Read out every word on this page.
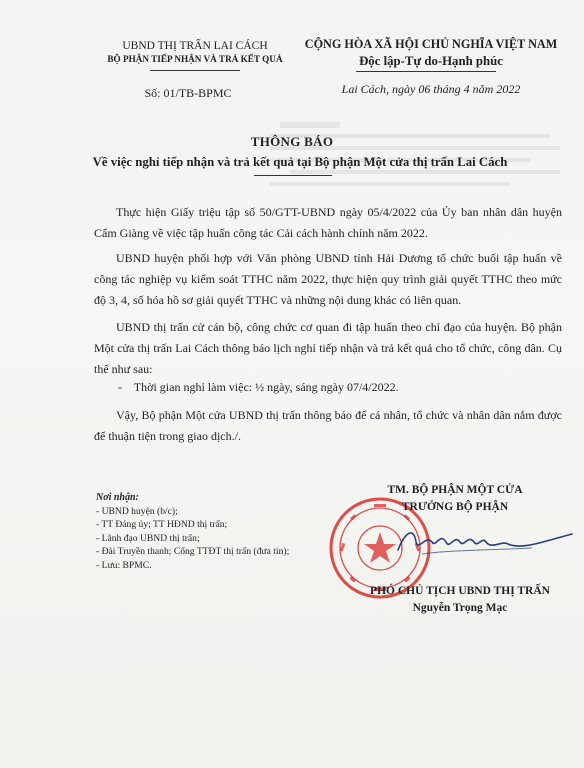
UBND THỊ TRẤN LAI CÁCH
BỘ PHẬN TIẾP NHẬN VÀ TRẢ KẾT QUẢ
Số: 01/TB-BPMC
CỘNG HÒA XÃ HỘI CHỦ NGHĨA VIỆT NAM
Độc lập-Tự do-Hạnh phúc
Lai Cách, ngày 06 tháng 4 năm 2022
THÔNG BÁO
Về việc nghỉ tiếp nhận và trả kết quả tại Bộ phận Một cửa thị trấn Lai Cách

Thực hiện Giấy triệu tập số 50/GTT-UBND ngày 05/4/2022 của Ủy ban nhân dân huyện Cẩm Giàng về việc tập huấn công tác Cải cách hành chính năm 2022.

UBND huyện phối hợp với Văn phòng UBND tỉnh Hải Dương tổ chức buổi tập huấn về công tác nghiệp vụ kiểm soát TTHC năm 2022, thực hiện quy trình giải quyết TTHC theo mức độ 3, 4, số hóa hồ sơ giải quyết TTHC và những nội dung khác có liên quan.

UBND thị trấn cử cán bộ, công chức cơ quan đi tập huấn theo chỉ đạo của huyện. Bộ phận Một cửa thị trấn Lai Cách thông báo lịch nghỉ tiếp nhận và trả kết quả cho tổ chức, công dân. Cụ thể như sau:

-    Thời gian nghỉ làm việc: ½ ngày, sáng ngày 07/4/2022.

Vậy, Bộ phận Một cửa UBND thị trấn thông báo để cá nhân, tổ chức và nhân dân nắm được để thuận tiện trong giao dịch./.

Nơi nhận:
- UBND huyện (b/c);
- TT Đảng ủy; TT HĐND thị trấn;
- Lãnh đạo UBND thị trấn;
- Đài Truyền thanh; Cổng TTĐT thị trấn (đưa tin);
- Lưu: BPMC.
TM. BỘ PHẬN MỘT CỬA
TRƯỞNG BỘ PHẬN
PHÓ CHỦ TỊCH UBND THỊ TRẤN
Nguyễn Trọng Mạc
